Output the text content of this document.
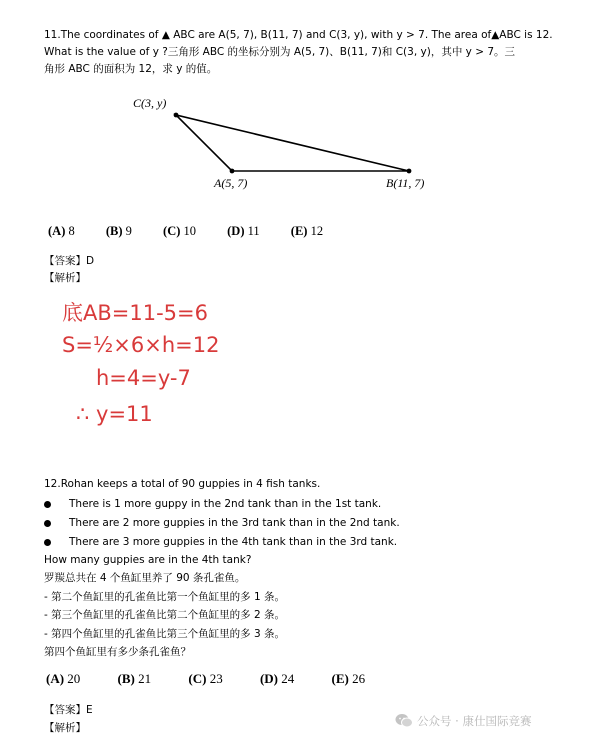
11.The coordinates of ▲ ABC are A(5, 7), B(11, 7) and C(3, y), with y > 7. The area of▲ABC is 12.
What is the value of y ?三角形 ABC 的坐标分别为 A(5, 7)、B(11, 7)和 C(3, y)，其中 y > 7。三
角形 ABC 的面积为 12，求 y 的值。
C(3, y)
A(5, 7)	B(11, 7)
(A) 8 (B) 9 (C) 10 (D) 11 (E) 12
【答案】D
【解析】
底AB=11-5=6
S=½×6×h=12
h=4=y-7
∴ y=11
12.Rohan keeps a total of 90 guppies in 4 fish tanks.
There is 1 more guppy in the 2nd tank than in the 1st tank.
There are 2 more guppies in the 3rd tank than in the 2nd tank.
There are 3 more guppies in the 4th tank than in the 3rd tank.
How many guppies are in the 4th tank?
罗羰总共在 4 个鱼缸里养了 90 条孔雀鱼。
- 第二个鱼缸里的孔雀鱼比第一个鱼缸里的多 1 条。
- 第三个鱼缸里的孔雀鱼比第二个鱼缸里的多 2 条。
- 第四个鱼缸里的孔雀鱼比第三个鱼缸里的多 3 条。
第四个鱼缸里有多少条孔雀鱼？
(A) 20	(B) 21	(C) 23	(D) 24	(E) 26
【答案】E
【解析】	公众号 · 康仕国际竞赛
